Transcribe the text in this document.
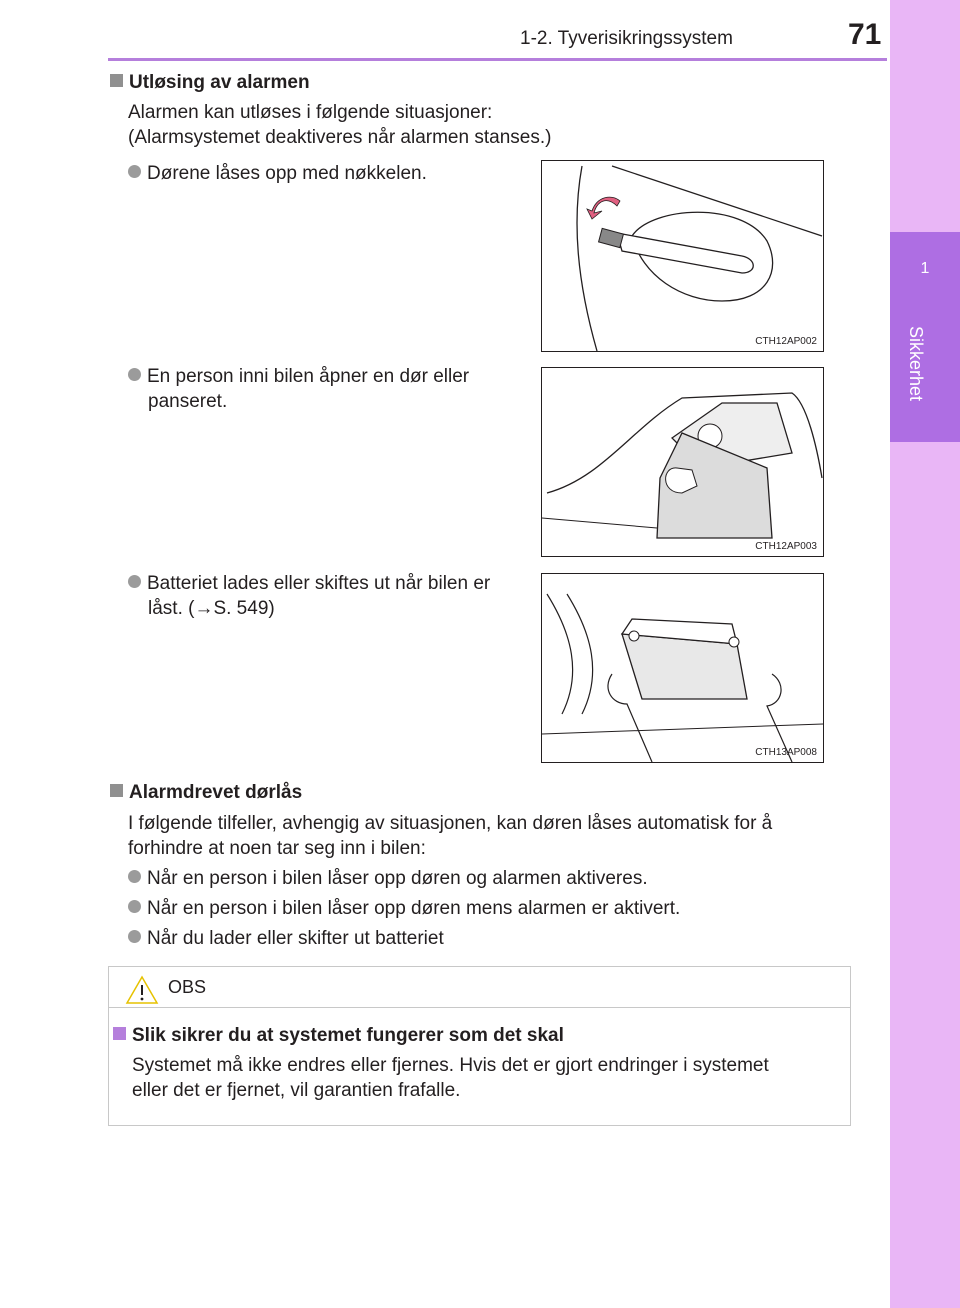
1
Sikkerhet
1-2. Tyverisikringssystem	71
Utløsing av alarmen
Alarmen kan utløses i følgende situasjoner:
(Alarmsystemet deaktiveres når alarmen stanses.)
Dørene låses opp med nøkkelen.
CTH12AP002
En person inni bilen åpner en dør eller
panseret.
CTH12AP003
Batteriet lades eller skiftes ut når bilen er
låst. (→S. 549)
CTH13AP008
Alarmdrevet dørlås
I følgende tilfeller, avhengig av situasjonen, kan døren låses automatisk for å
forhindre at noen tar seg inn i bilen:
Når en person i bilen låser opp døren og alarmen aktiveres.
Når en person i bilen låser opp døren mens alarmen er aktivert.
Når du lader eller skifter ut batteriet
OBS
Slik sikrer du at systemet fungerer som det skal
Systemet må ikke endres eller fjernes. Hvis det er gjort endringer i systemet
eller det er fjernet, vil garantien frafalle.
